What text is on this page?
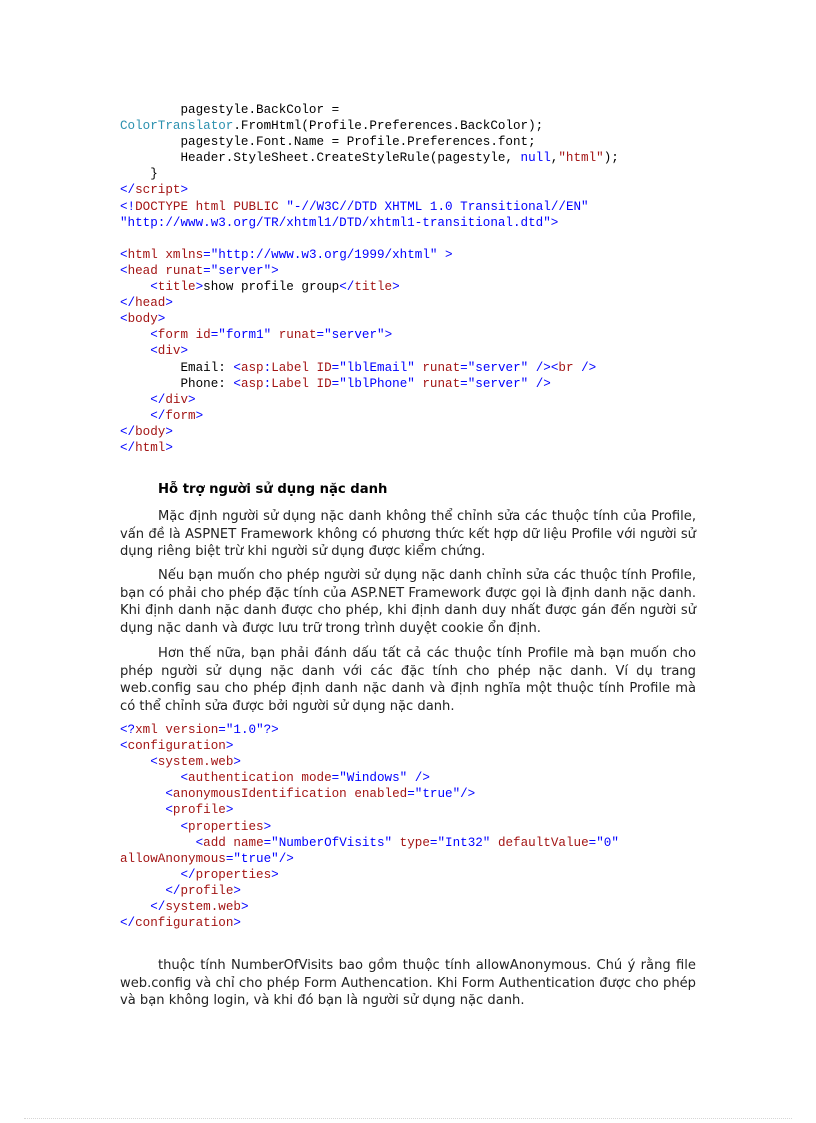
pagestyle.BackColor =
ColorTranslator.FromHtml(Profile.Preferences.BackColor);
pagestyle.Font.Name = Profile.Preferences.font;
Header.StyleSheet.CreateStyleRule(pagestyle, null,"html");
}
</script>
<!DOCTYPE html PUBLIC "-//W3C//DTD XHTML 1.0 Transitional//EN"
"http://www.w3.org/TR/xhtml1/DTD/xhtml1-transitional.dtd">
<html xmlns="http://www.w3.org/1999/xhtml" >
<head runat="server">
<title>show profile group</title>
</head>
<body>
<form id="form1" runat="server">
<div>
Email: <asp:Label ID="lblEmail" runat="server" /><br />
Phone: <asp:Label ID="lblPhone" runat="server" />
</div>
</form>
</body>
</html>
Hỗ trợ người sử dụng nặc danh

Mặc định người sử dụng nặc danh không thể chỉnh sửa các thuộc tính của Profile, vấn đề là ASPNET Framework không có phương thức kết hợp dữ liệu Profile với người sử dụng riêng biệt trừ khi người sử dụng được kiểm chứng.

Nếu bạn muốn cho phép người sử dụng nặc danh chỉnh sửa các thuộc tính Profile, bạn có phải cho phép đặc tính của ASP.NET Framework được gọi là định danh nặc danh. Khi định danh nặc danh được cho phép, khi định danh duy nhất được gán đến người sử dụng nặc danh và được lưu trữ trong trình duyệt cookie ổn định.

Hơn thế nữa, bạn phải đánh dấu tất cả các thuộc tính Profile mà bạn muốn cho phép người sử dụng nặc danh với các đặc tính cho phép nặc danh. Ví dụ trang web.config sau cho phép định danh nặc danh và định nghĩa một thuộc tính Profile mà có thể chỉnh sửa được bởi người sử dụng nặc danh.

<?xml version="1.0"?>
<configuration>
<system.web>
<authentication mode="Windows" />
<anonymousIdentification enabled="true"/>
<profile>
<properties>
<add name="NumberOfVisits" type="Int32" defaultValue="0"
allowAnonymous="true"/>
</properties>
</profile>
</system.web>
</configuration>

thuộc tính NumberOfVisits bao gồm thuộc tính allowAnonymous. Chú ý rằng file web.config và chỉ cho phép Form Authencation. Khi Form Authentication được cho phép và bạn không login, và khi đó bạn là người sử dụng nặc danh.
